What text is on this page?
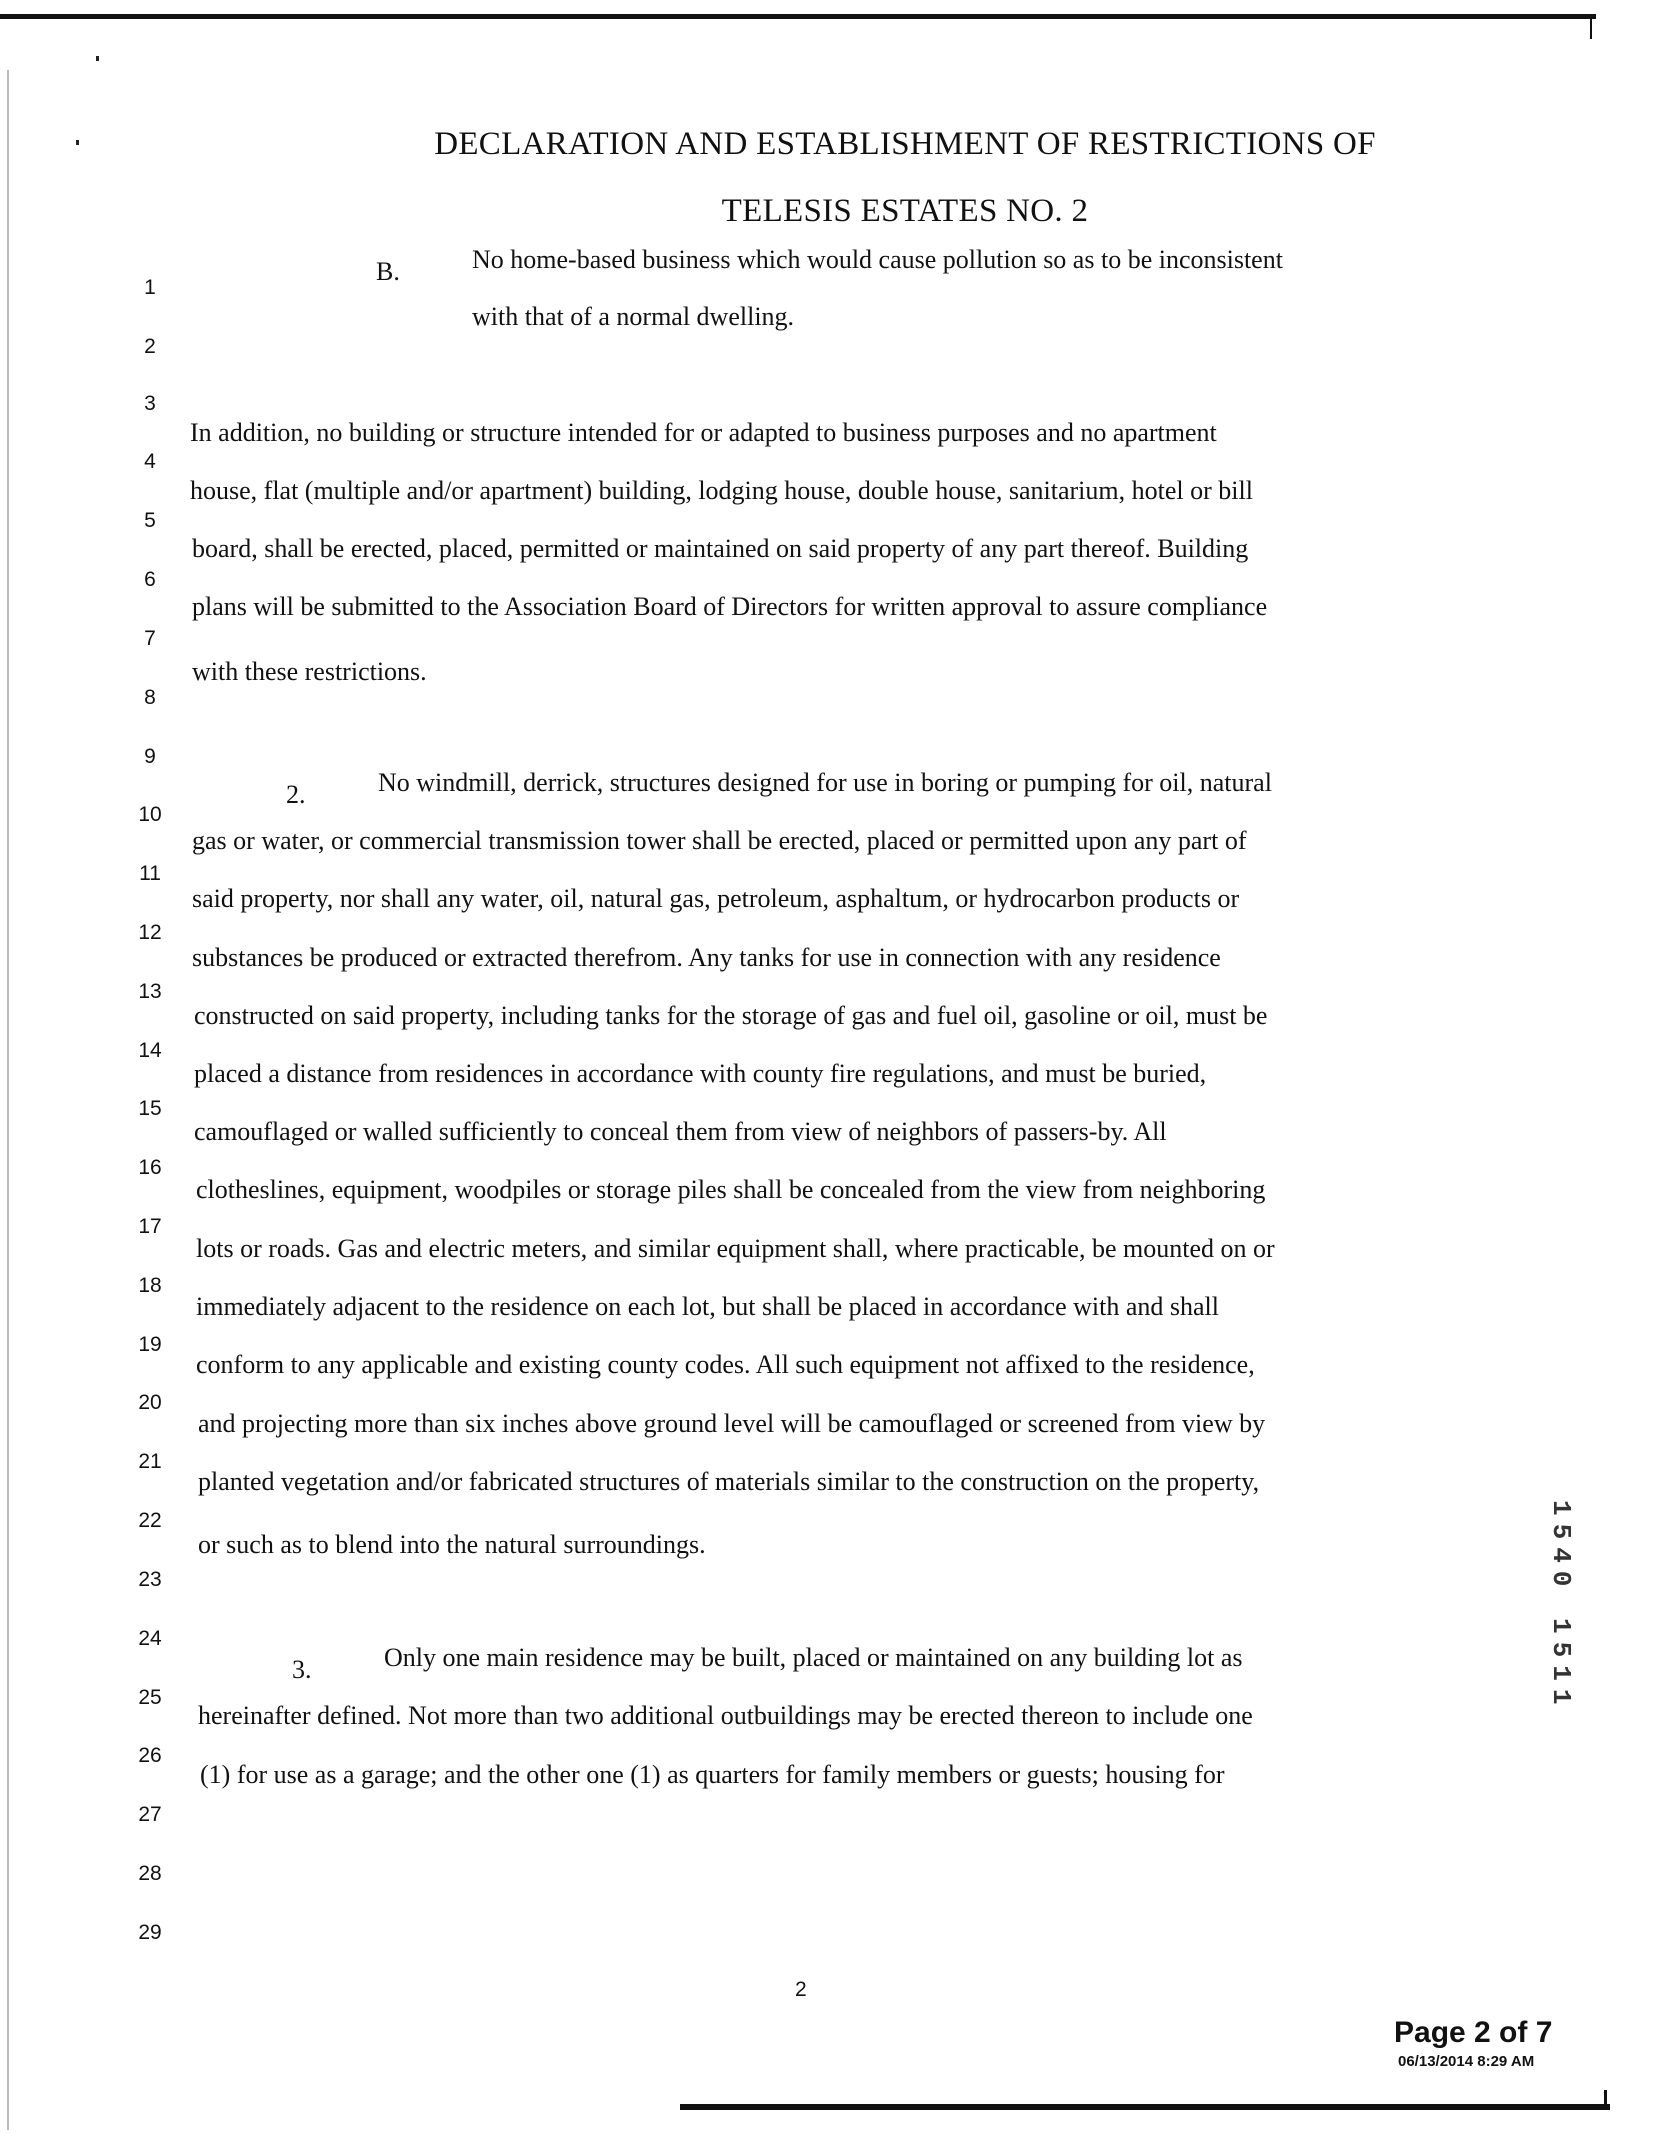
DECLARATION AND ESTABLISHMENT OF RESTRICTIONS OF
TELESIS ESTATES NO. 2
1
2
3
4
5
6
7
8
9
10
11
12
13
14
15
16
17
18
19
20
21
22
23
24
25
26
27
28
29
B.	No home-based business which would cause pollution so as to be inconsistent
with that of a normal dwelling.
In addition, no building or structure intended for or adapted to business purposes and no apartment
house, flat (multiple and/or apartment) building, lodging house, double house, sanitarium, hotel or bill
board, shall be erected, placed, permitted or maintained on said property of any part thereof. Building
plans will be submitted to the Association Board of Directors for written approval to assure compliance
with these restrictions.
2.	No windmill, derrick, structures designed for use in boring or pumping for oil, natural
gas or water, or commercial transmission tower shall be erected, placed or permitted upon any part of
said property, nor shall any water, oil, natural gas, petroleum, asphaltum, or hydrocarbon products or
substances be produced or extracted therefrom. Any tanks for use in connection with any residence
constructed on said property, including tanks for the storage of gas and fuel oil, gasoline or oil, must be
placed a distance from residences in accordance with county fire regulations, and must be buried,
camouflaged or walled sufficiently to conceal them from view of neighbors of passers-by. All
clotheslines, equipment, woodpiles or storage piles shall be concealed from the view from neighboring
lots or roads. Gas and electric meters, and similar equipment shall, where practicable, be mounted on or
immediately adjacent to the residence on each lot, but shall be placed in accordance with and shall
conform to any applicable and existing county codes. All such equipment not affixed to the residence,
and projecting more than six inches above ground level will be camouflaged or screened from view by
planted vegetation and/or fabricated structures of materials similar to the construction on the property,
or such as to blend into the natural surroundings.
3.	Only one main residence may be built, placed or maintained on any building lot as
hereinafter defined. Not more than two additional outbuildings may be erected thereon to include one
(1) for use as a garage; and the other one (1) as quarters for family members or guests; housing for
2
Page 2 of 7
06/13/2014 8:29 AM
1540 1511
